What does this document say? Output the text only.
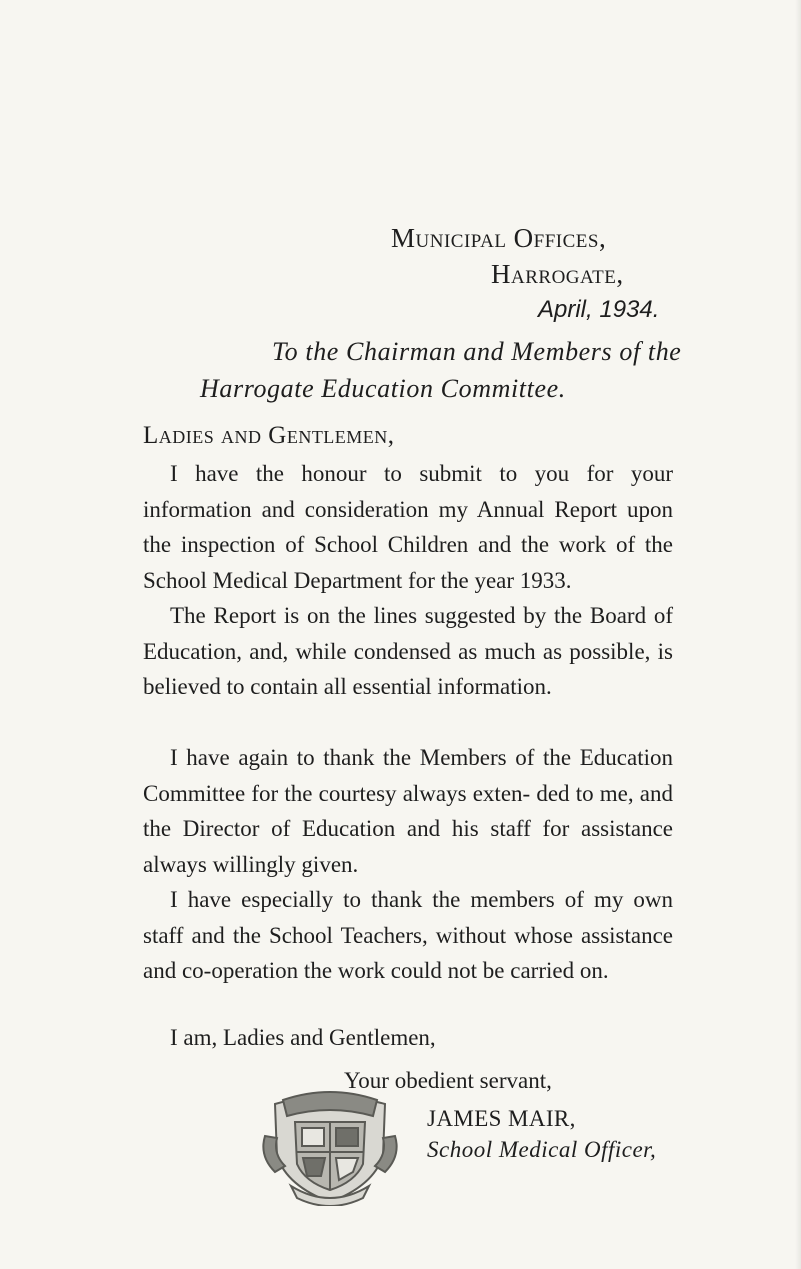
Municipal Offices,
Harrogate,
April, 1934.
To the Chairman and Members of the
Harrogate Education Committee.
Ladies and Gentlemen,
I have the honour to submit to you for your information and consideration my Annual Report upon the inspection of School Children and the work of the School Medical Department for the year 1933.
The Report is on the lines suggested by the Board of Education, and, while condensed as much as possible, is believed to contain all essential information.
I have again to thank the Members of the Education Committee for the courtesy always exten- ded to me, and the Director of Education and his staff for assistance always willingly given.
I have especially to thank the members of my own staff and the School Teachers, without whose assistance and co-operation the work could not be carried on.
I am, Ladies and Gentlemen,
Your obedient servant,
JAMES MAIR,
School Medical Officer,
